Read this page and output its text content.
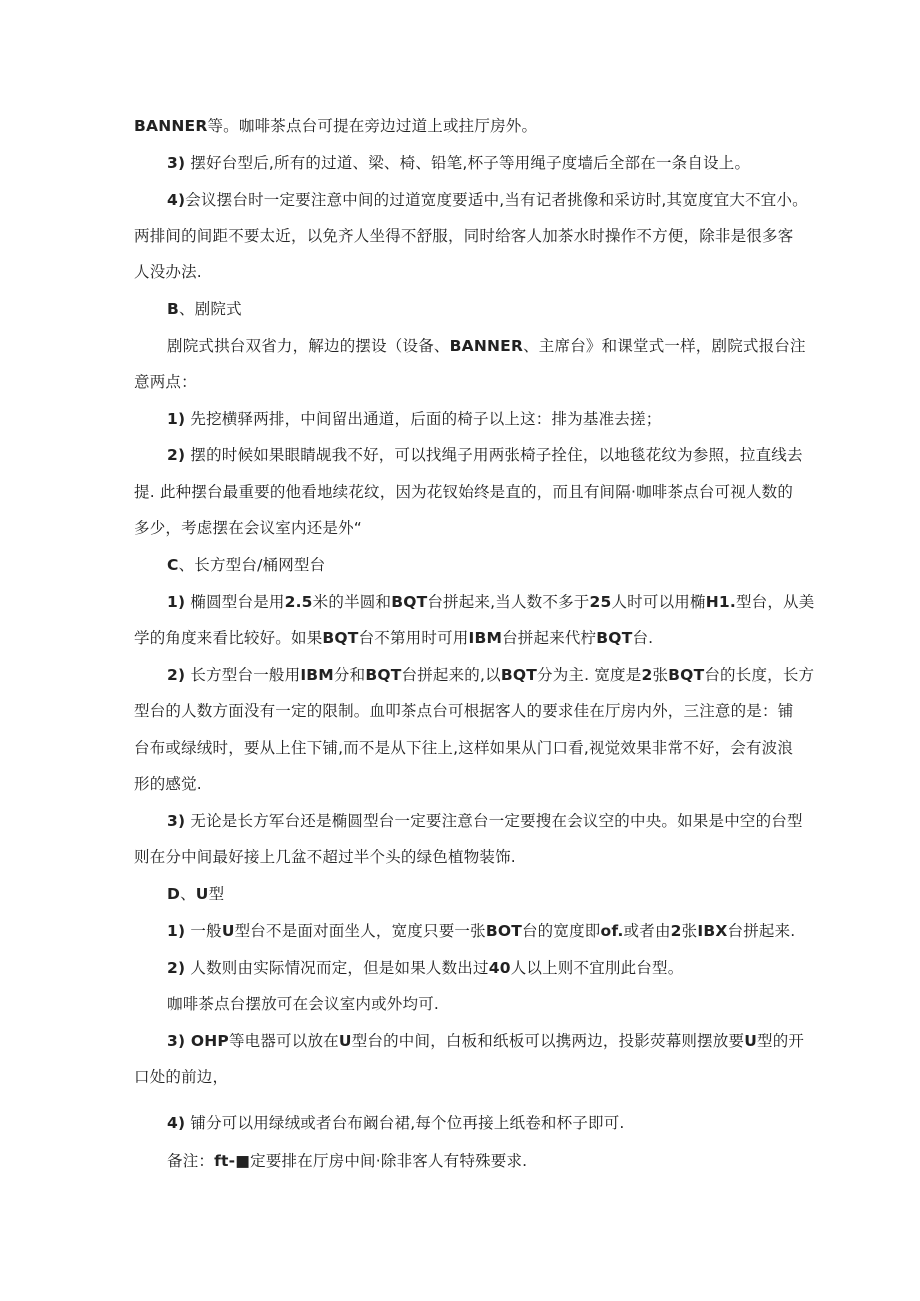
BANNER等。咖啡茶点台可提在旁边过道上或拄厅房外。
3) 摆好台型后,所有的过道、梁、椅、铅笔,杯子等用绳子度墙后全部在一条自设上。
4)会议摆台时一定要注意中间的过道宽度要适中,当有记者挑像和采访时,其宽度宜大不宜小。
两排间的间距不要太近，以免齐人坐得不舒服，同时给客人加茶水时操作不方便，除非是很多客
人没办法.
B、剧院式
剧院式拱台双省力，解边的摆设（设备、BANNER、主席台》和课堂式一样，剧院式报台注
意两点：
1) 先挖横驿两排，中间留出通道，后面的椅子以上这：排为基准去搓；
2) 摆的时候如果眼睛觇我不好，可以找绳子用两张椅子拴住，以地毯花纹为参照，拉直线去
提. 此种摆台最重要的他看地续花纹，因为花钗始终是直的，而且有间隔·咖啡茶点台可视人数的
多少，考虑摆在会议室内还是外“
C、长方型台/桶网型台
1) 椭圆型台是用2.5米的半圆和BQT台拼起来,当人数不多于25人时可以用椭H1.型台，从美
学的角度来看比较好。如果BQT台不第用时可用IBM台拼起来代柠BQT台.
2) 长方型台一般用IBM分和BQT台拼起来的,以BQT分为主. 宽度是2张BQT台的长度，长方
型台的人数方面没有一定的限制。血叩茶点台可根据客人的要求佳在厅房内外，三注意的是：铺
台布或绿绒时，要从上住下铺,而不是从下往上,这样如果从门口看,视觉效果非常不好，会有波浪
形的感觉.
3) 无论是长方军台还是椭圆型台一定要注意台一定要搜在会议空的中央。如果是中空的台型
则在分中间最好接上几盆不超过半个头的绿色植物装饰.
D、U型
1) 一般U型台不是面对面坐人，宽度只要一张BOT台的宽度即of.或者由2张IBX台拼起来.
2) 人数则由实际情况而定，但是如果人数出过40人以上则不宜刖此台型。
咖啡茶点台摆放可在会议室内或外均可.
3) OHP等电器可以放在U型台的中间，白板和纸板可以携两边，投影荧幕则摆放要U型的开
口处的前边，
4) 铺分可以用绿绒或者台布阚台裙,每个位再接上纸卷和杯子即可.
备注：ft-■定要排在厅房中间·除非客人有特殊要求.
